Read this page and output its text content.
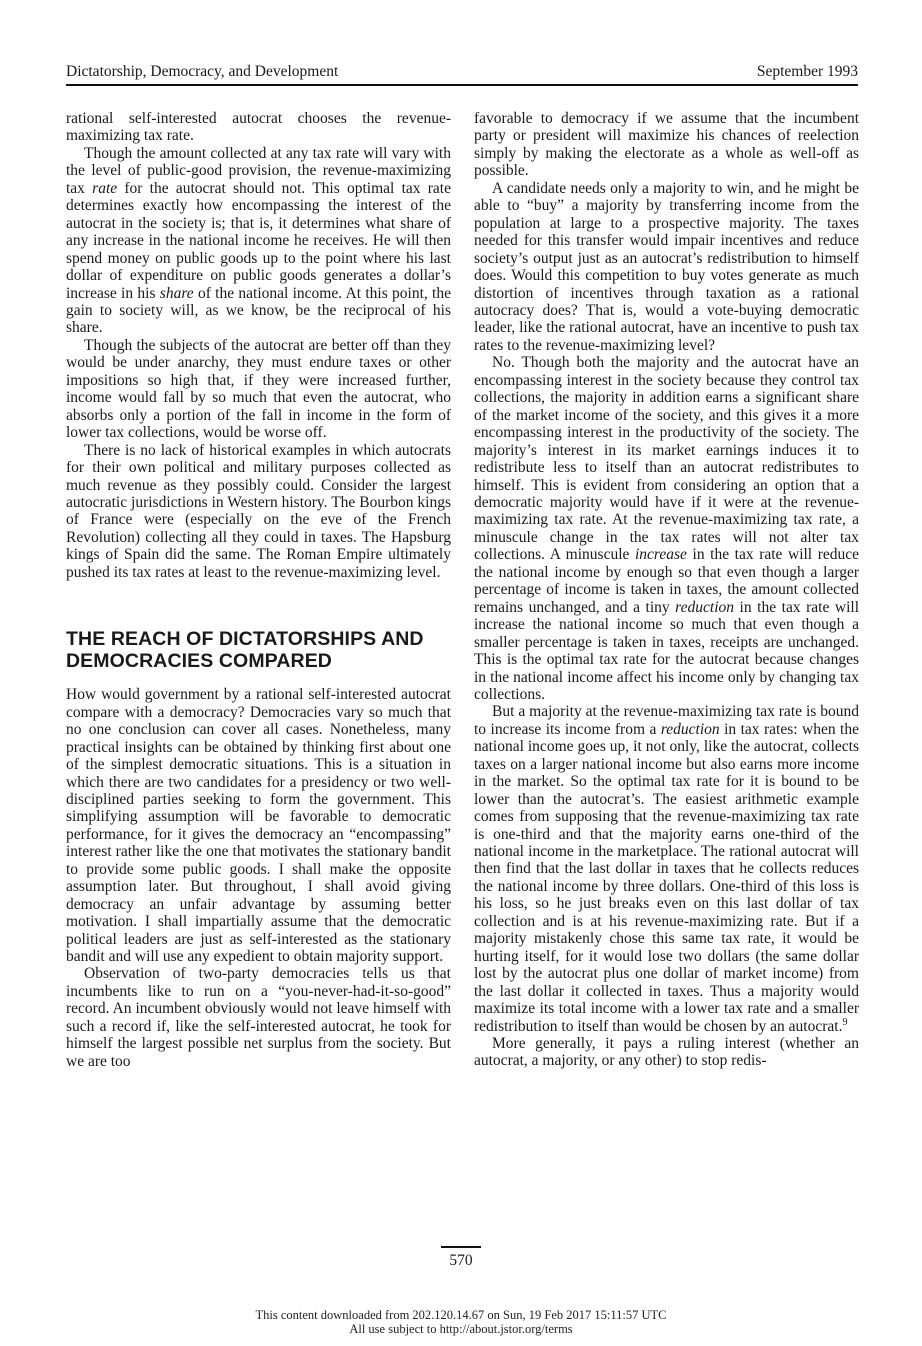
Dictatorship, Democracy, and Development	September 1993

rational self-interested autocrat chooses the revenue-maximizing tax rate.

Though the amount collected at any tax rate will vary with the level of public-good provision, the revenue-maximizing tax rate for the autocrat should not. This optimal tax rate determines exactly how encompassing the interest of the autocrat in the society is; that is, it determines what share of any increase in the national income he receives. He will then spend money on public goods up to the point where his last dollar of expenditure on public goods generates a dollar’s increase in his share of the national income. At this point, the gain to society will, as we know, be the reciprocal of his share.

Though the subjects of the autocrat are better off than they would be under anarchy, they must endure taxes or other impositions so high that, if they were increased further, income would fall by so much that even the autocrat, who absorbs only a portion of the fall in income in the form of lower tax collections, would be worse off.

There is no lack of historical examples in which autocrats for their own political and military purposes collected as much revenue as they possibly could. Consider the largest autocratic jurisdictions in Western history. The Bourbon kings of France were (especially on the eve of the French Revolution) collecting all they could in taxes. The Hapsburg kings of Spain did the same. The Roman Empire ultimately pushed its tax rates at least to the revenue-maximizing level.

THE REACH OF DICTATORSHIPS AND DEMOCRACIES COMPARED

How would government by a rational self-interested autocrat compare with a democracy? Democracies vary so much that no one conclusion can cover all cases. Nonetheless, many practical insights can be obtained by thinking first about one of the simplest democratic situations. This is a situation in which there are two candidates for a presidency or two well-disciplined parties seeking to form the government. This simplifying assumption will be favorable to democratic performance, for it gives the democracy an “encompassing” interest rather like the one that motivates the stationary bandit to provide some public goods. I shall make the opposite assumption later. But throughout, I shall avoid giving democracy an unfair advantage by assuming better motivation. I shall impartially assume that the democratic political leaders are just as self-interested as the stationary bandit and will use any expedient to obtain majority support.

Observation of two-party democracies tells us that incumbents like to run on a “you-never-had-it-so-good” record. An incumbent obviously would not leave himself with such a record if, like the self-interested autocrat, he took for himself the largest possible net surplus from the society. But we are too

favorable to democracy if we assume that the incumbent party or president will maximize his chances of reelection simply by making the electorate as a whole as well-off as possible.

A candidate needs only a majority to win, and he might be able to “buy” a majority by transferring income from the population at large to a prospective majority. The taxes needed for this transfer would impair incentives and reduce society’s output just as an autocrat’s redistribution to himself does. Would this competition to buy votes generate as much distortion of incentives through taxation as a rational autocracy does? That is, would a vote-buying democratic leader, like the rational autocrat, have an incentive to push tax rates to the revenue-maximizing level?

No. Though both the majority and the autocrat have an encompassing interest in the society because they control tax collections, the majority in addition earns a significant share of the market income of the society, and this gives it a more encompassing interest in the productivity of the society. The majority’s interest in its market earnings induces it to redistribute less to itself than an autocrat redistributes to himself. This is evident from considering an option that a democratic majority would have if it were at the revenue-maximizing tax rate. At the revenue-maximizing tax rate, a minuscule change in the tax rates will not alter tax collections. A minuscule increase in the tax rate will reduce the national income by enough so that even though a larger percentage of income is taken in taxes, the amount collected remains unchanged, and a tiny reduction in the tax rate will increase the national income so much that even though a smaller percentage is taken in taxes, receipts are unchanged. This is the optimal tax rate for the autocrat because changes in the national income affect his income only by changing tax collections.

But a majority at the revenue-maximizing tax rate is bound to increase its income from a reduction in tax rates: when the national income goes up, it not only, like the autocrat, collects taxes on a larger national income but also earns more income in the market. So the optimal tax rate for it is bound to be lower than the autocrat’s. The easiest arithmetic example comes from supposing that the revenue-maximizing tax rate is one-third and that the majority earns one-third of the national income in the marketplace. The rational autocrat will then find that the last dollar in taxes that he collects reduces the national income by three dollars. One-third of this loss is his loss, so he just breaks even on this last dollar of tax collection and is at his revenue-maximizing rate. But if a majority mistakenly chose this same tax rate, it would be hurting itself, for it would lose two dollars (the same dollar lost by the autocrat plus one dollar of market income) from the last dollar it collected in taxes. Thus a majority would maximize its total income with a lower tax rate and a smaller redistribution to itself than would be chosen by an autocrat.$^9$

More generally, it pays a ruling interest (whether an autocrat, a majority, or any other) to stop redis-

570
This content downloaded from 202.120.14.67 on Sun, 19 Feb 2017 15:11:57 UTC
All use subject to http://about.jstor.org/terms
